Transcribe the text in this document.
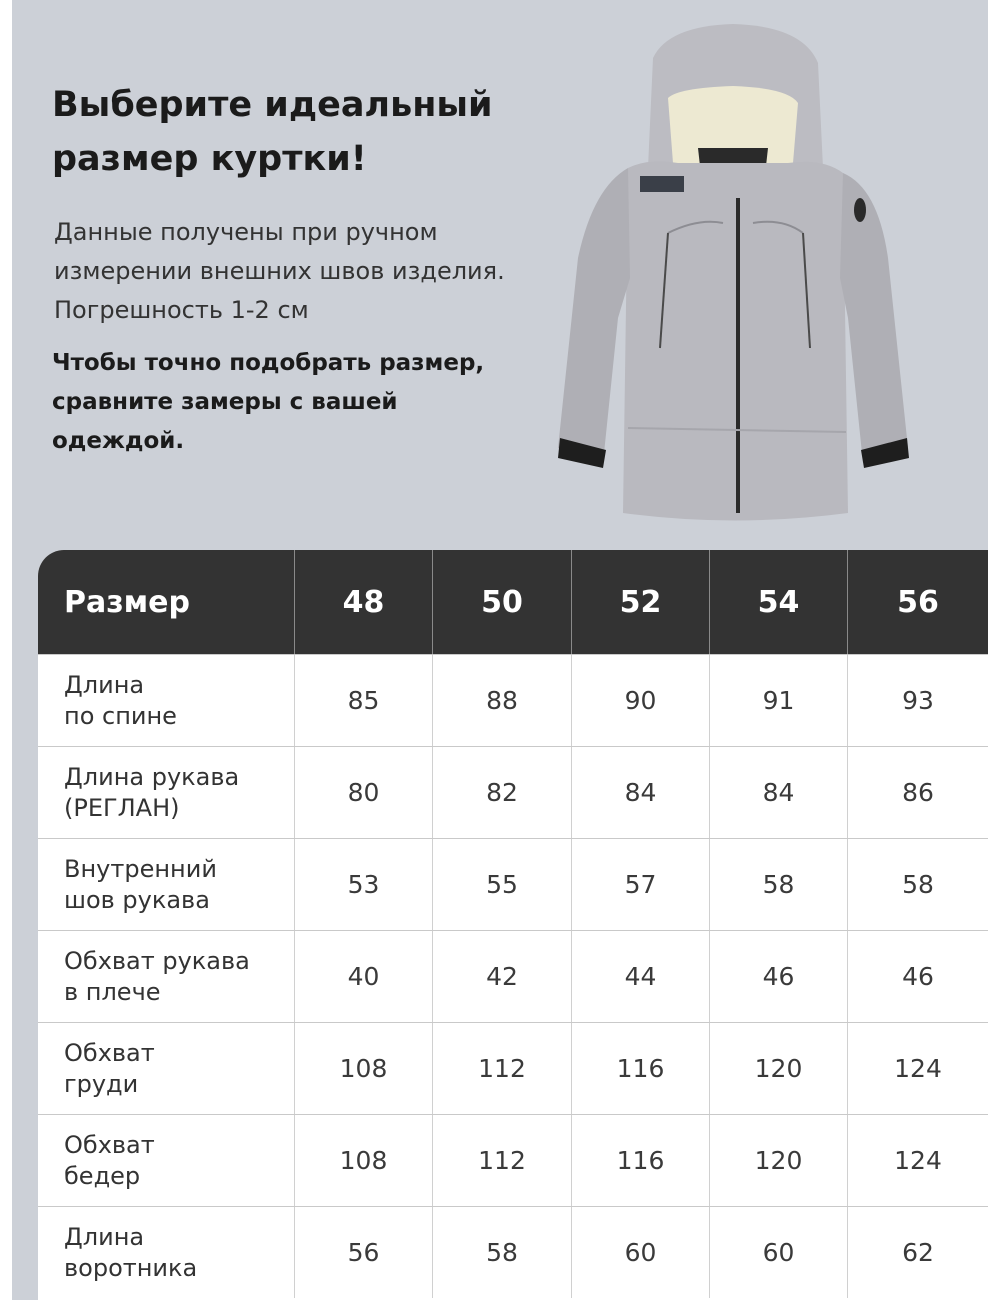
Выберите идеальный размер куртки!
Данные получены при ручном измерении внешних швов изделия. Погрешность 1-2 см
Чтобы точно подобрать размер, сравните замеры с вашей одеждой.
Размер	48	50	52	54	56
Длина
по спине
85	88	90	91	93
Длина рукава
(РЕГЛАН)
80	82	84	84	86
Внутренний
шов рукава
53	55	57	58	58
Обхват рукава
в плече
40	42	44	46	46
Обхват
груди
108	112	116	120	124
Обхват
бедер
108	112	116	120	124
Длина
воротника
56	58	60	60	62
